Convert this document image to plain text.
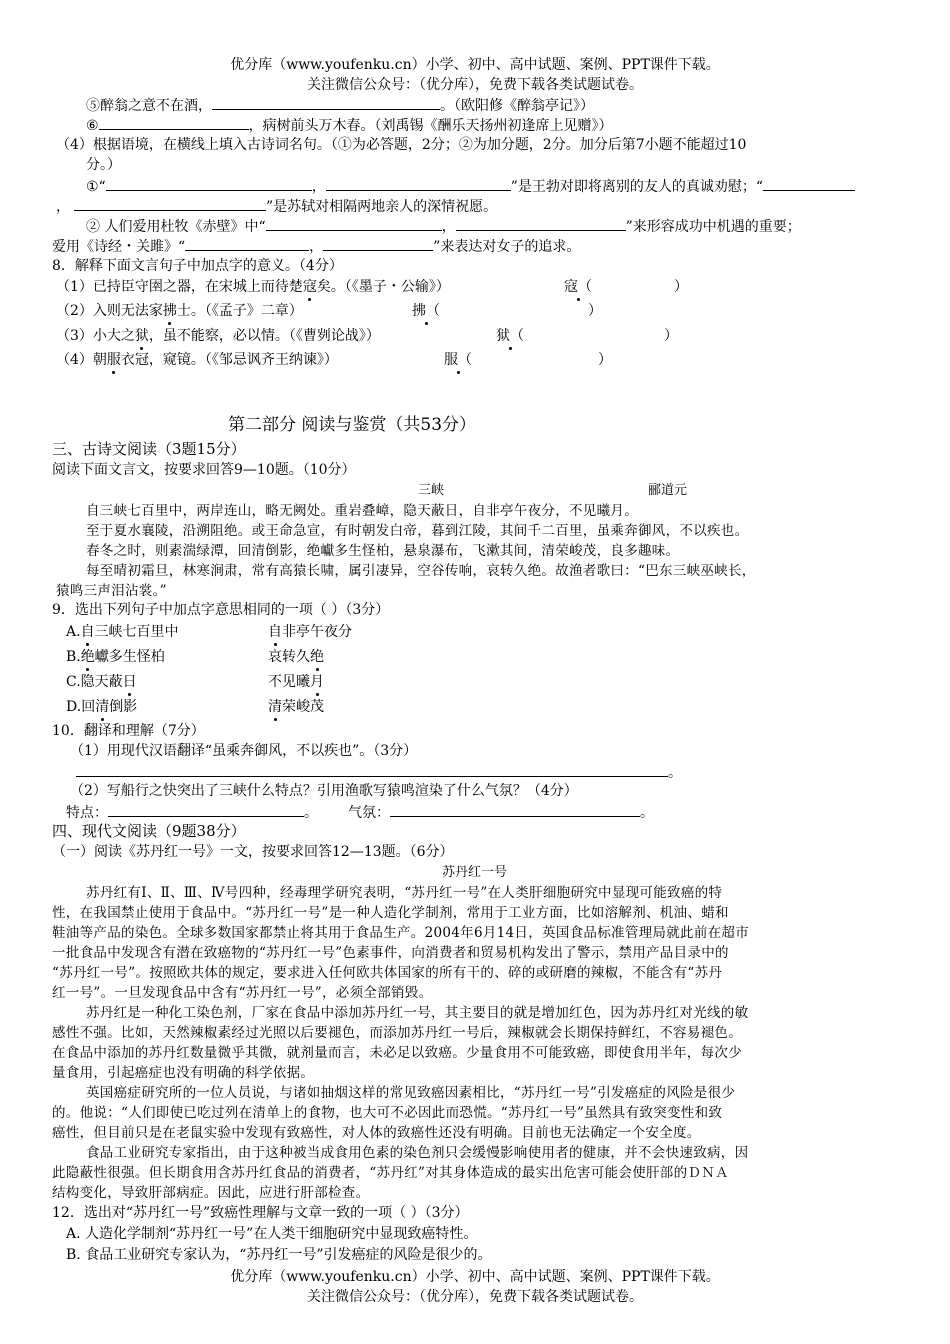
优分库（www.youfenku.cn）小学、初中、高中试题、案例、PPT课件下载。
关注微信公众号：（优分库），免费下载各类试题试卷。
⑤醉翁之意不在酒，	。（欧阳修《醉翁亭记》）
⑥	，病树前头万木春。（刘禹锡《酬乐天扬州初逢席上见赠》）
（4）根据语境，在横线上填入古诗词名句。（①为必答题，2分；②为加分题，2分。加分后第7小题不能超过10
分。）
①“	，	”是王勃对即将离别的友人的真诚劝慰；“
，	”是苏轼对相隔两地亲人的深情祝愿。
② 人们爱用杜牧《赤壁》中“	，	”来形容成功中机遇的重要；
爱用《诗经・关雎》“	，	”来表达对女子的追求。
8．解释下面文言句子中加点字的意义。（4分）
（1）已持臣守圉之器，在宋城上而待楚寇矣。（《墨子・公输》）	寇（	）
（2）入则无法家拂士。（《孟子》二章）	拂（	）
（3）小大之狱，虽不能察，必以情。（《曹刿论战》）	狱（	）
（4）朝服衣冠，窥镜。（《邹忌讽齐王纳谏》）	服（	）
第二部分 阅读与鉴赏（共53分）
三、古诗文阅读（3题15分）
阅读下面文言文，按要求回答9—10题。（10分）
三峡	郦道元
自三峡七百里中，两岸连山，略无阙处。重岩叠嶂，隐天蔽日，自非亭午夜分，不见曦月。
至于夏水襄陵，沿溯阻绝。或王命急宣，有时朝发白帝，暮到江陵，其间千二百里，虽乘奔御风，不以疾也。
春冬之时，则素湍绿潭，回清倒影，绝巘多生怪柏，悬泉瀑布，飞漱其间，清荣峻茂，良多趣味。
每至晴初霜旦，林寒涧肃，常有高猿长啸，属引凄异，空谷传响，哀转久绝。故渔者歌曰：“巴东三峡巫峡长，
猿鸣三声泪沾裳。”
9．选出下列句子中加点字意思相同的一项（ ）（3分）
A.自三峡七百里中	自非亭午夜分
B.绝巘多生怪柏	哀转久绝
C.隐天蔽日	不见曦月
D.回清倒影	清荣峻茂
10．翻译和理解（7分）
（1）用现代汉语翻译“虽乘奔御风，不以疾也”。（3分）
。
（2）写船行之快突出了三峡什么特点？引用渔歌写猿鸣渲染了什么气氛？（4分）
特点：	。 气氛：	。
四、现代文阅读（9题38分）
（一）阅读《苏丹红一号》一文，按要求回答12—13题。（6分）
苏丹红一号
苏丹红有Ⅰ、Ⅱ、Ⅲ、Ⅳ号四种，经毒理学研究表明，“苏丹红一号”在人类肝细胞研究中显现可能致癌的特
性，在我国禁止使用于食品中。“苏丹红一号”是一种人造化学制剂，常用于工业方面，比如溶解剂、机油、蜡和
鞋油等产品的染色。全球多数国家都禁止将其用于食品生产。2004年6月14日，英国食品标准管理局就此前在超市
一批食品中发现含有潜在致癌物的“苏丹红一号”色素事件，向消费者和贸易机构发出了警示，禁用产品目录中的
“苏丹红一号”。按照欧共体的规定，要求进入任何欧共体国家的所有干的、碎的或研磨的辣椒，不能含有“苏丹
红一号”。一旦发现食品中含有“苏丹红一号”，必须全部销毁。
苏丹红是一种化工染色剂，厂家在食品中添加苏丹红一号，其主要目的就是增加红色，因为苏丹红对光线的敏
感性不强。比如，天然辣椒素经过光照以后要褪色，而添加苏丹红一号后，辣椒就会长期保持鲜红，不容易褪色。
在食品中添加的苏丹红数量微乎其微，就剂量而言，未必足以致癌。少量食用不可能致癌，即使食用半年，每次少
量食用，引起癌症也没有明确的科学依据。
英国癌症研究所的一位人员说，与诸如抽烟这样的常见致癌因素相比，“苏丹红一号”引发癌症的风险是很少
的。他说：“人们即使已吃过列在清单上的食物，也大可不必因此而恐慌。“苏丹红一号”虽然具有致突变性和致
癌性，但目前只是在老鼠实验中发现有致癌性，对人体的致癌性还没有明确。目前也无法确定一个安全度。
食品工业研究专家指出，由于这种被当成食用色素的染色剂只会缓慢影响使用者的健康，并不会快速致病，因
此隐蔽性很强。但长期食用含苏丹红食品的消费者，“苏丹红”对其身体造成的最实出危害可能会使肝部的ＤＮＡ
结构变化，导致肝部病症。因此，应进行肝部检查。
12．选出对“苏丹红一号”致癌性理解与文章一致的一项（ ）（3分）
A. 人造化学制剂“苏丹红一号”在人类干细胞研究中显现致癌特性。
B. 食品工业研究专家认为，“苏丹红一号”引发癌症的风险是很少的。
优分库（www.youfenku.cn）小学、初中、高中试题、案例、PPT课件下载。
关注微信公众号：（优分库），免费下载各类试题试卷。
